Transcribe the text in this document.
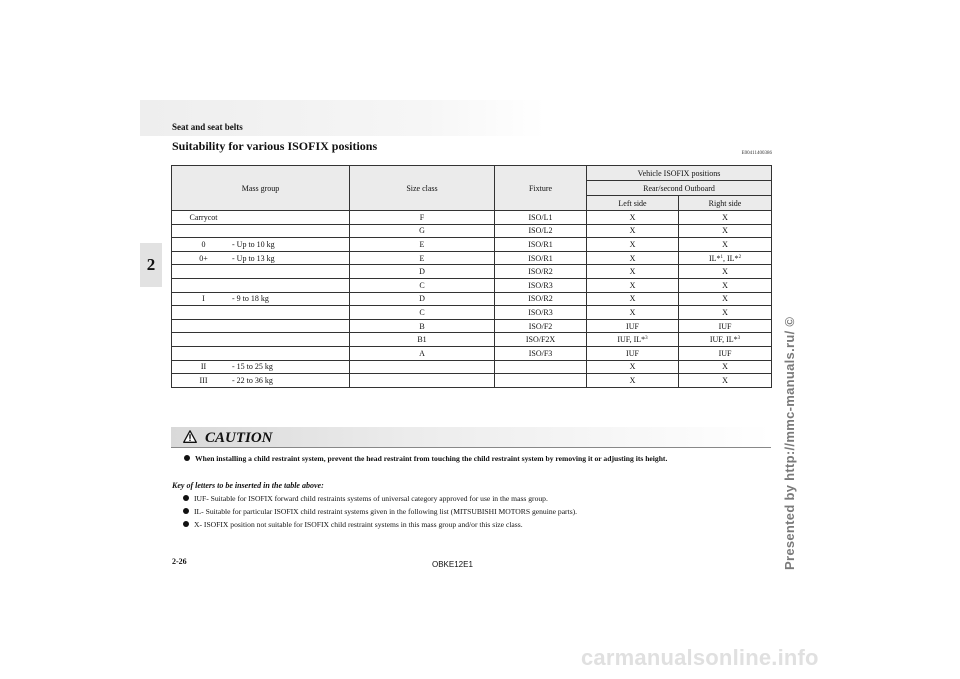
Seat and seat belts
Suitability for various ISOFIX positions
E00411400386
2
Mass group	Size class	Fixture	Vehicle ISOFIX positions	
			Rear/second Outboard	
			Left side	Right side

Carrycot	F	ISO/L1	X	X

	G	ISO/L2	X	X

0 - Up to 10 kg	E	ISO/R1	X	X

0+ - Up to 13 kg	E	ISO/R1	X	IL*$^1$, IL*$^2$

	D	ISO/R2	X	X

	C	ISO/R3	X	X

I - 9 to 18 kg	D	ISO/R2	X	X

	C	ISO/R3	X	X

	B	ISO/F2	IUF	IUF

	B1	ISO/F2X	IUF, IL*$^3$	IUF, IL*$^3$

	A	ISO/F3	IUF	IUF

II - 15 to 25 kg			X	X

III - 22 to 36 kg			X	X
CAUTION
When installing a child restraint system, prevent the head restraint from touching the child restraint system by removing it or adjusting its height.
Key of letters to be inserted in the table above:
IUF- Suitable for ISOFIX forward child restraints systems of universal category approved for use in the mass group.
IL- Suitable for particular ISOFIX child restraint systems given in the following list (MITSUBISHI MOTORS genuine parts).
X- ISOFIX position not suitable for ISOFIX child restraint systems in this mass group and/or this size class.
2-26	OBKE12E1	Presented by http://mmc-manuals.ru/ ©
carmanualsonline.info
